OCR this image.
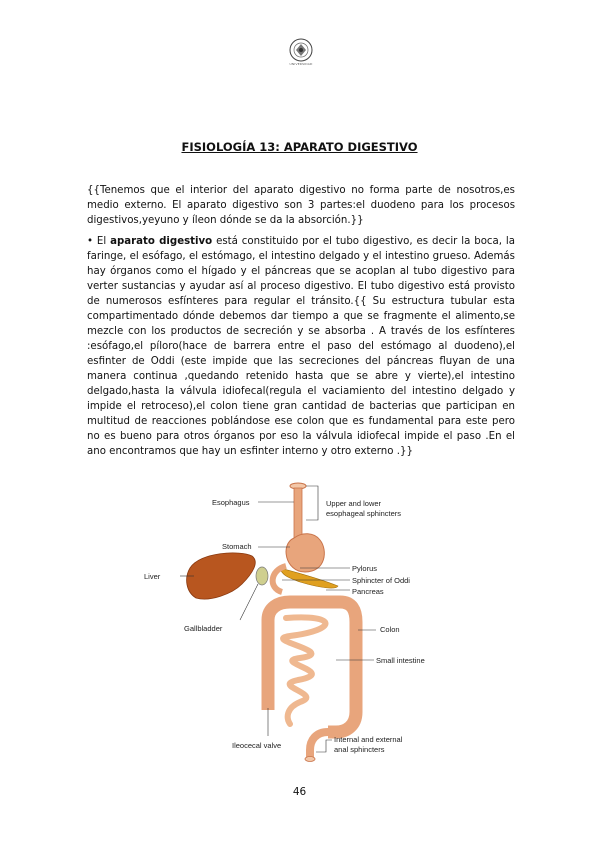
UNIVERSIDAD
FISIOLOGÍA 13: APARATO DIGESTIVO

{{Tenemos que el interior del aparato digestivo no forma parte de nosotros,es medio externo. El aparato digestivo son 3 partes:el duodeno para los procesos digestivos,yeyuno y íleon dónde se da la absorción.}}

• El aparato digestivo está constituido por el tubo digestivo, es decir la boca, la faringe, el esófago, el estómago, el intestino delgado y el intestino grueso. Además hay órganos como el hígado y el páncreas que se acoplan al tubo digestivo para verter sustancias y ayudar así al proceso digestivo. El tubo digestivo está provisto de numerosos esfínteres para regular el tránsito.{{ Su estructura tubular esta compartimentado dónde debemos dar tiempo a que se fragmente el alimento,se mezcle con los productos de secreción y se absorba . A través de los esfínteres :esófago,el píloro(hace de barrera entre el paso del estómago al duodeno),el esfinter de Oddi (este impide que las secreciones del páncreas fluyan de una manera continua ,quedando retenido hasta que se abre y vierte),el intestino delgado,hasta la válvula idiofecal(regula el vaciamiento del intestino delgado y impide el retroceso),el colon tiene gran cantidad de bacterias que participan en multitud de reacciones poblándose ese colon que es fundamental para este pero no es bueno para otros órganos por eso la válvula idiofecal impide el paso .En el ano encontramos que hay un esfinter interno y otro externo .}}

Esophagus	Upper and lower
esophageal sphincters
Stomach
Liver
Pylorus
Sphincter of Oddi
Pancreas
Gallbladder	Colon
Small intestine
Internal and external
anal sphincters
Ileocecal valve
46
